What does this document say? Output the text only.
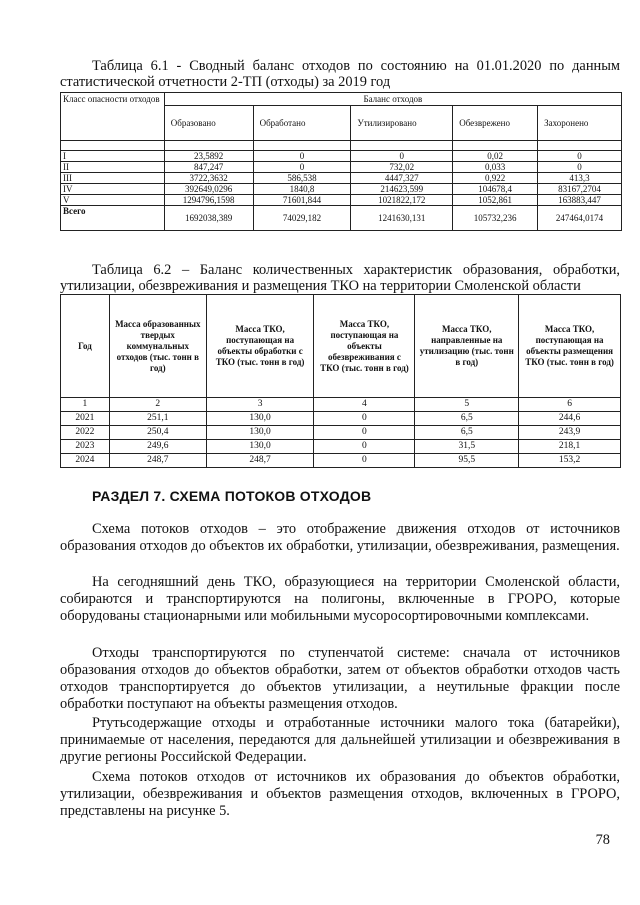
Таблица 6.1 - Сводный баланс отходов по состоянию на 01.01.2020 по данным статистической отчетности 2-ТП (отходы) за 2019 год
Класс опасности отходов	Баланс отходов				
	Образовано	Обработано	Утилизировано	Обезврежено	Захоронено

I	23,5892	0	0	0,02	0
II	847,247	0	732,02	0,033	0
III	3722,3632	586,538	4447,327	0,922	413,3
IV	392649,0296	1840,8	214623,599	104678,4	83167,2704
V	1294796,1598	71601,844	1021822,172	1052,861	163883,447
Всего	1692038,389	74029,182	1241630,131	105732,236	247464,0174
Таблица 6.2 – Баланс количественных характеристик образования, обработки, утилизации, обезвреживания и размещения ТКО на территории Смоленской области
Год	Масса образованных твердых коммунальных отходов (тыс. тонн в год)	Масса ТКО, поступающая на объекты обработки с ТКО (тыс. тонн в год)	Масса ТКО, поступающая на объекты обезвреживания с ТКО (тыс. тонн в год)	Масса ТКО, направленные на утилизацию (тыс. тонн в год)	Масса ТКО, поступающая на объекты размещения ТКО (тыс. тонн в год)
1	2	3	4	5	6
2021	251,1	130,0	0	6,5	244,6
2022	250,4	130,0	0	6,5	243,9
2023	249,6	130,0	0	31,5	218,1
2024	248,7	248,7	0	95,5	153,2
РАЗДЕЛ 7. СХЕМА ПОТОКОВ ОТХОДОВ

Схема потоков отходов – это отображение движения отходов от источников образования отходов до объектов их обработки, утилизации, обезвреживания, размещения.

На сегодняшний день ТКО, образующиеся на территории Смоленской области, собираются и транспортируются на полигоны, включенные в ГРОРО, которые оборудованы стационарными или мобильными мусоросортировочными комплексами.

Отходы транспортируются по ступенчатой системе: сначала от источников образования отходов до объектов обработки, затем от объектов обработки отходов часть отходов транспортируется до объектов утилизации, а неутильные фракции после обработки поступают на объекты размещения отходов.

Ртутьсодержащие отходы и отработанные источники малого тока (батарейки), принимаемые от населения, передаются для дальнейшей утилизации и обезвреживания в другие регионы Российской Федерации.

Схема потоков отходов от источников их образования до объектов обработки, утилизации, обезвреживания и объектов размещения отходов, включенных в ГРОРО, представлены на рисунке 5.

78
